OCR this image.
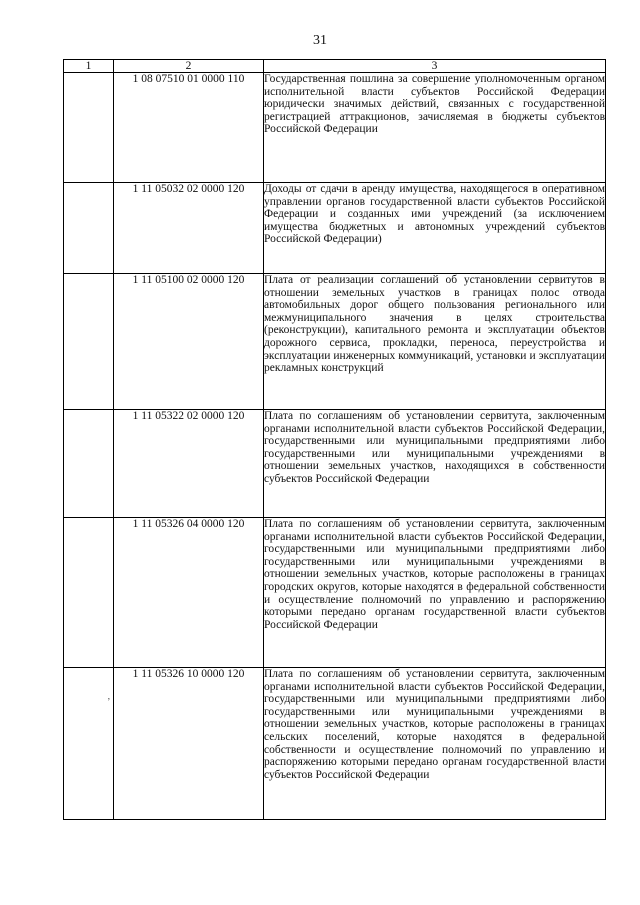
31
1	2	3
	1 08 07510 01 0000 110	Государственная пошлина за совершение уполномоченным органом исполнительной власти субъектов Российской Федерации юридически значимых действий, связанных с государственной регистрацией аттракционов, зачисляемая в бюджеты субъектов Российской Федерации
	1 11 05032 02 0000 120	Доходы от сдачи в аренду имущества, находящегося в оперативном управлении органов государственной власти субъектов Российской Федерации и созданных ими учреждений (за исключением имущества бюджетных и автономных учреждений субъектов Российской Федерации)
	1 11 05100 02 0000 120	Плата от реализации соглашений об установлении сервитутов в отношении земельных участков в границах полос отвода автомобильных дорог общего пользования регионального или межмуниципального значения в целях строительства (реконструкции), капитального ремонта и эксплуатации объектов дорожного сервиса, прокладки, переноса, переустройства и эксплуатации инженерных коммуникаций, установки и эксплуатации рекламных конструкций
	1 11 05322 02 0000 120	Плата по соглашениям об установлении сервитута, заключенным органами исполнительной власти субъектов Российской Федерации, государственными или муниципальными предприятиями либо государственными или муниципальными учреждениями в отношении земельных участков, находящихся в собственности субъектов Российской Федерации
	1 11 05326 04 0000 120	Плата по соглашениям об установлении сервитута, заключенным органами исполнительной власти субъектов Российской Федерации, государственными или муниципальными предприятиями либо государственными или муниципальными учреждениями в отношении земельных участков, которые расположены в границах городских округов, которые находятся в федеральной собственности и осуществление полномочий по управлению и распоряжению которыми передано органам государственной власти субъектов Российской Федерации

,	1 11 05326 10 0000 120	Плата по соглашениям об установлении сервитута, заключенным органами исполнительной власти субъектов Российской Федерации, государственными или муниципальными предприятиями либо государственными или муниципальными учреждениями в отношении земельных участков, которые расположены в границах сельских поселений, которые находятся в федеральной собственности и осуществление полномочий по управлению и распоряжению которыми передано органам государственной власти субъектов Российской Федерации
